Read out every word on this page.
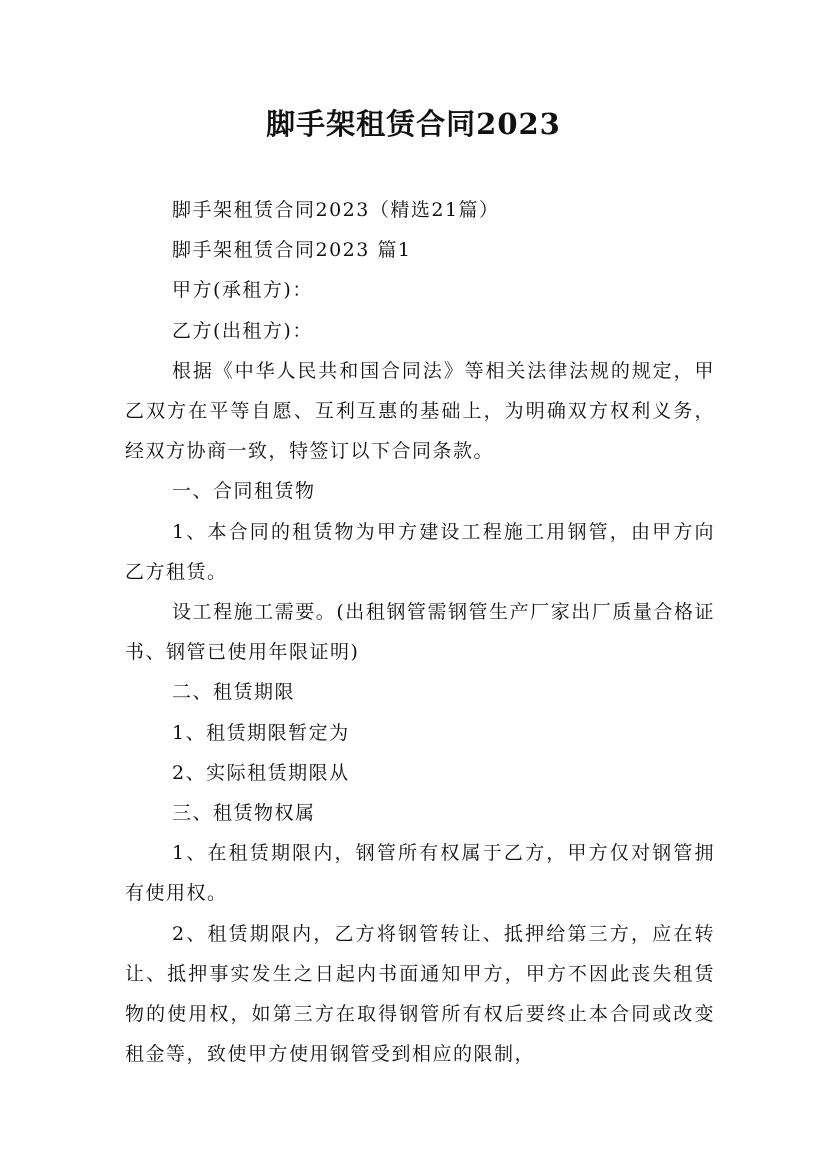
脚手架租赁合同2023

脚手架租赁合同2023（精选21篇）

脚手架租赁合同2023 篇1

甲方(承租方)：

乙方(出租方)：

根据《中华人民共和国合同法》等相关法律法规的规定，甲乙双方在平等自愿、互利互惠的基础上，为明确双方权利义务，经双方协商一致，特签订以下合同条款。

一、合同租赁物

1、本合同的租赁物为甲方建设工程施工用钢管，由甲方向乙方租赁。

设工程施工需要。(出租钢管需钢管生产厂家出厂质量合格证书、钢管已使用年限证明)

二、租赁期限

1、租赁期限暂定为

2、实际租赁期限从

三、租赁物权属

1、在租赁期限内，钢管所有权属于乙方，甲方仅对钢管拥有使用权。

2、租赁期限内，乙方将钢管转让、抵押给第三方，应在转让、抵押事实发生之日起内书面通知甲方，甲方不因此丧失租赁物的使用权，如第三方在取得钢管所有权后要终止本合同或改变租金等，致使甲方使用钢管受到相应的限制，
